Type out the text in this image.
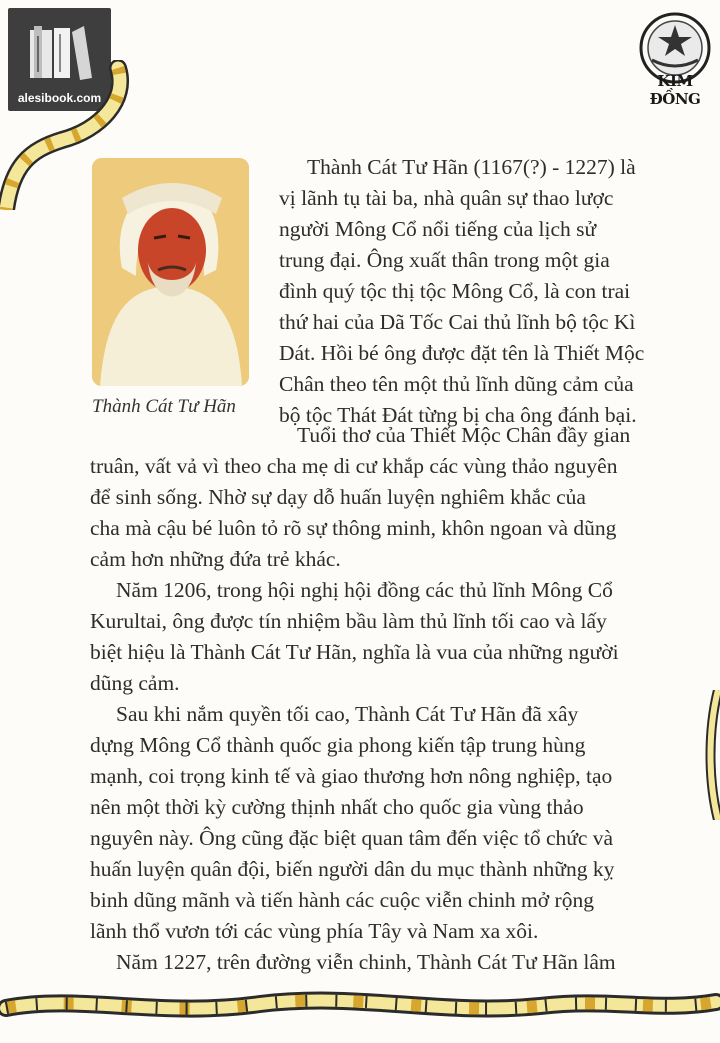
alesibook.com
KIM ĐỒNG
Thành Cát Tư Hãn
Thành Cát Tư Hãn (1167(?) - 1227) là
vị lãnh tụ tài ba, nhà quân sự thao lược
người Mông Cổ nổi tiếng của lịch sử
trung đại. Ông xuất thân trong một gia
đình quý tộc thị tộc Mông Cổ, là con trai
thứ hai của Dã Tốc Cai thủ lĩnh bộ tộc Kì
Dát. Hồi bé ông được đặt tên là Thiết Mộc
Chân theo tên một thủ lĩnh dũng cảm của
bộ tộc Thát Đát từng bị cha ông đánh bại.
Tuổi thơ của Thiết Mộc Chân đầy gian
truân, vất vả vì theo cha mẹ di cư khắp các vùng thảo nguyên
để sinh sống. Nhờ sự dạy dỗ huấn luyện nghiêm khắc của
cha mà cậu bé luôn tỏ rõ sự thông minh, khôn ngoan và dũng
cảm hơn những đứa trẻ khác.
Năm 1206, trong hội nghị hội đồng các thủ lĩnh Mông Cổ
Kurultai, ông được tín nhiệm bầu làm thủ lĩnh tối cao và lấy
biệt hiệu là Thành Cát Tư Hãn, nghĩa là vua của những người
dũng cảm.
Sau khi nắm quyền tối cao, Thành Cát Tư Hãn đã xây
dựng Mông Cổ thành quốc gia phong kiến tập trung hùng
mạnh, coi trọng kinh tế và giao thương hơn nông nghiệp, tạo
nên một thời kỳ cường thịnh nhất cho quốc gia vùng thảo
nguyên này. Ông cũng đặc biệt quan tâm đến việc tổ chức và
huấn luyện quân đội, biến người dân du mục thành những kỵ
binh dũng mãnh và tiến hành các cuộc viễn chinh mở rộng
lãnh thổ vươn tới các vùng phía Tây và Nam xa xôi.
Năm 1227, trên đường viễn chinh, Thành Cát Tư Hãn lâm
